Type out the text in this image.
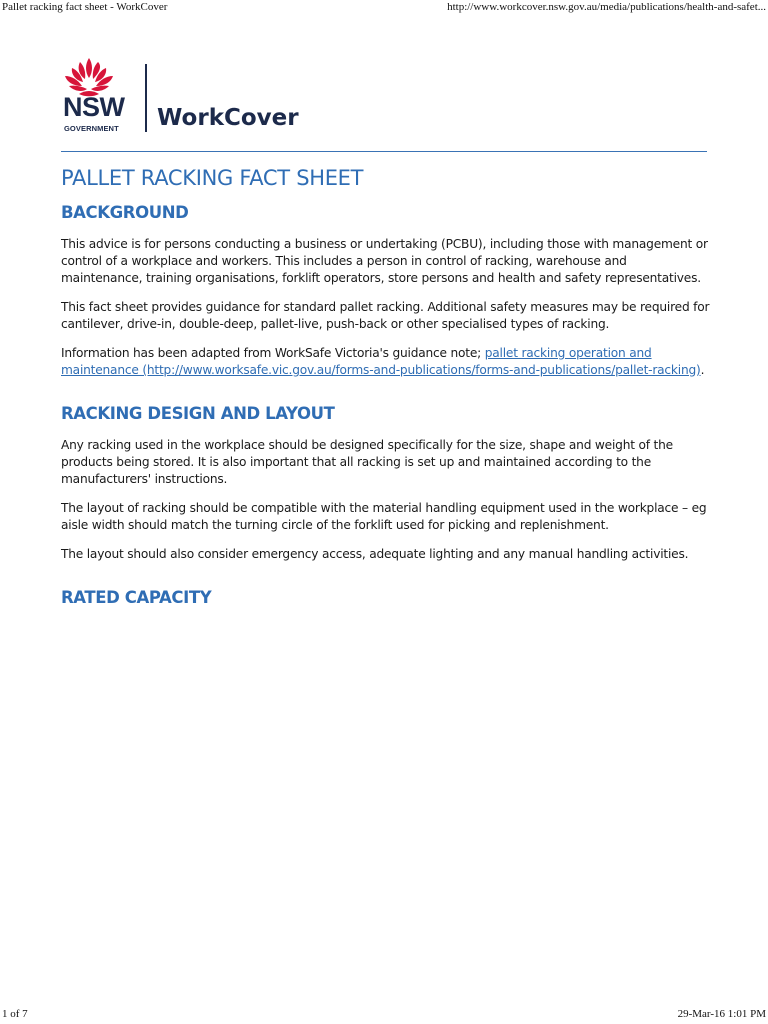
Pallet racking fact sheet - WorkCover	http://www.workcover.nsw.gov.au/media/publications/health-and-safet...
NSW
GOVERNMENT WorkCover
PALLET RACKING FACT SHEET
BACKGROUND

This advice is for persons conducting a business or undertaking (PCBU), including those with management or control of a workplace and workers. This includes a person in control of racking, warehouse and maintenance, training organisations, forklift operators, store persons and health and safety representatives.

This fact sheet provides guidance for standard pallet racking. Additional safety measures may be required for cantilever, drive-in, double-deep, pallet-live, push-back or other specialised types of racking.

Information has been adapted from WorkSafe Victoria's guidance note; pallet racking operation and maintenance (http://www.worksafe.vic.gov.au/forms-and-publications/forms-and-publications/pallet-racking).

RACKING DESIGN AND LAYOUT

Any racking used in the workplace should be designed specifically for the size, shape and weight of the products being stored. It is also important that all racking is set up and maintained according to the manufacturers' instructions.

The layout of racking should be compatible with the material handling equipment used in the workplace – eg aisle width should match the turning circle of the forklift used for picking and replenishment.

The layout should also consider emergency access, adequate lighting and any manual handling activities.

RATED CAPACITY
1 of 7	29-Mar-16 1:01 PM
